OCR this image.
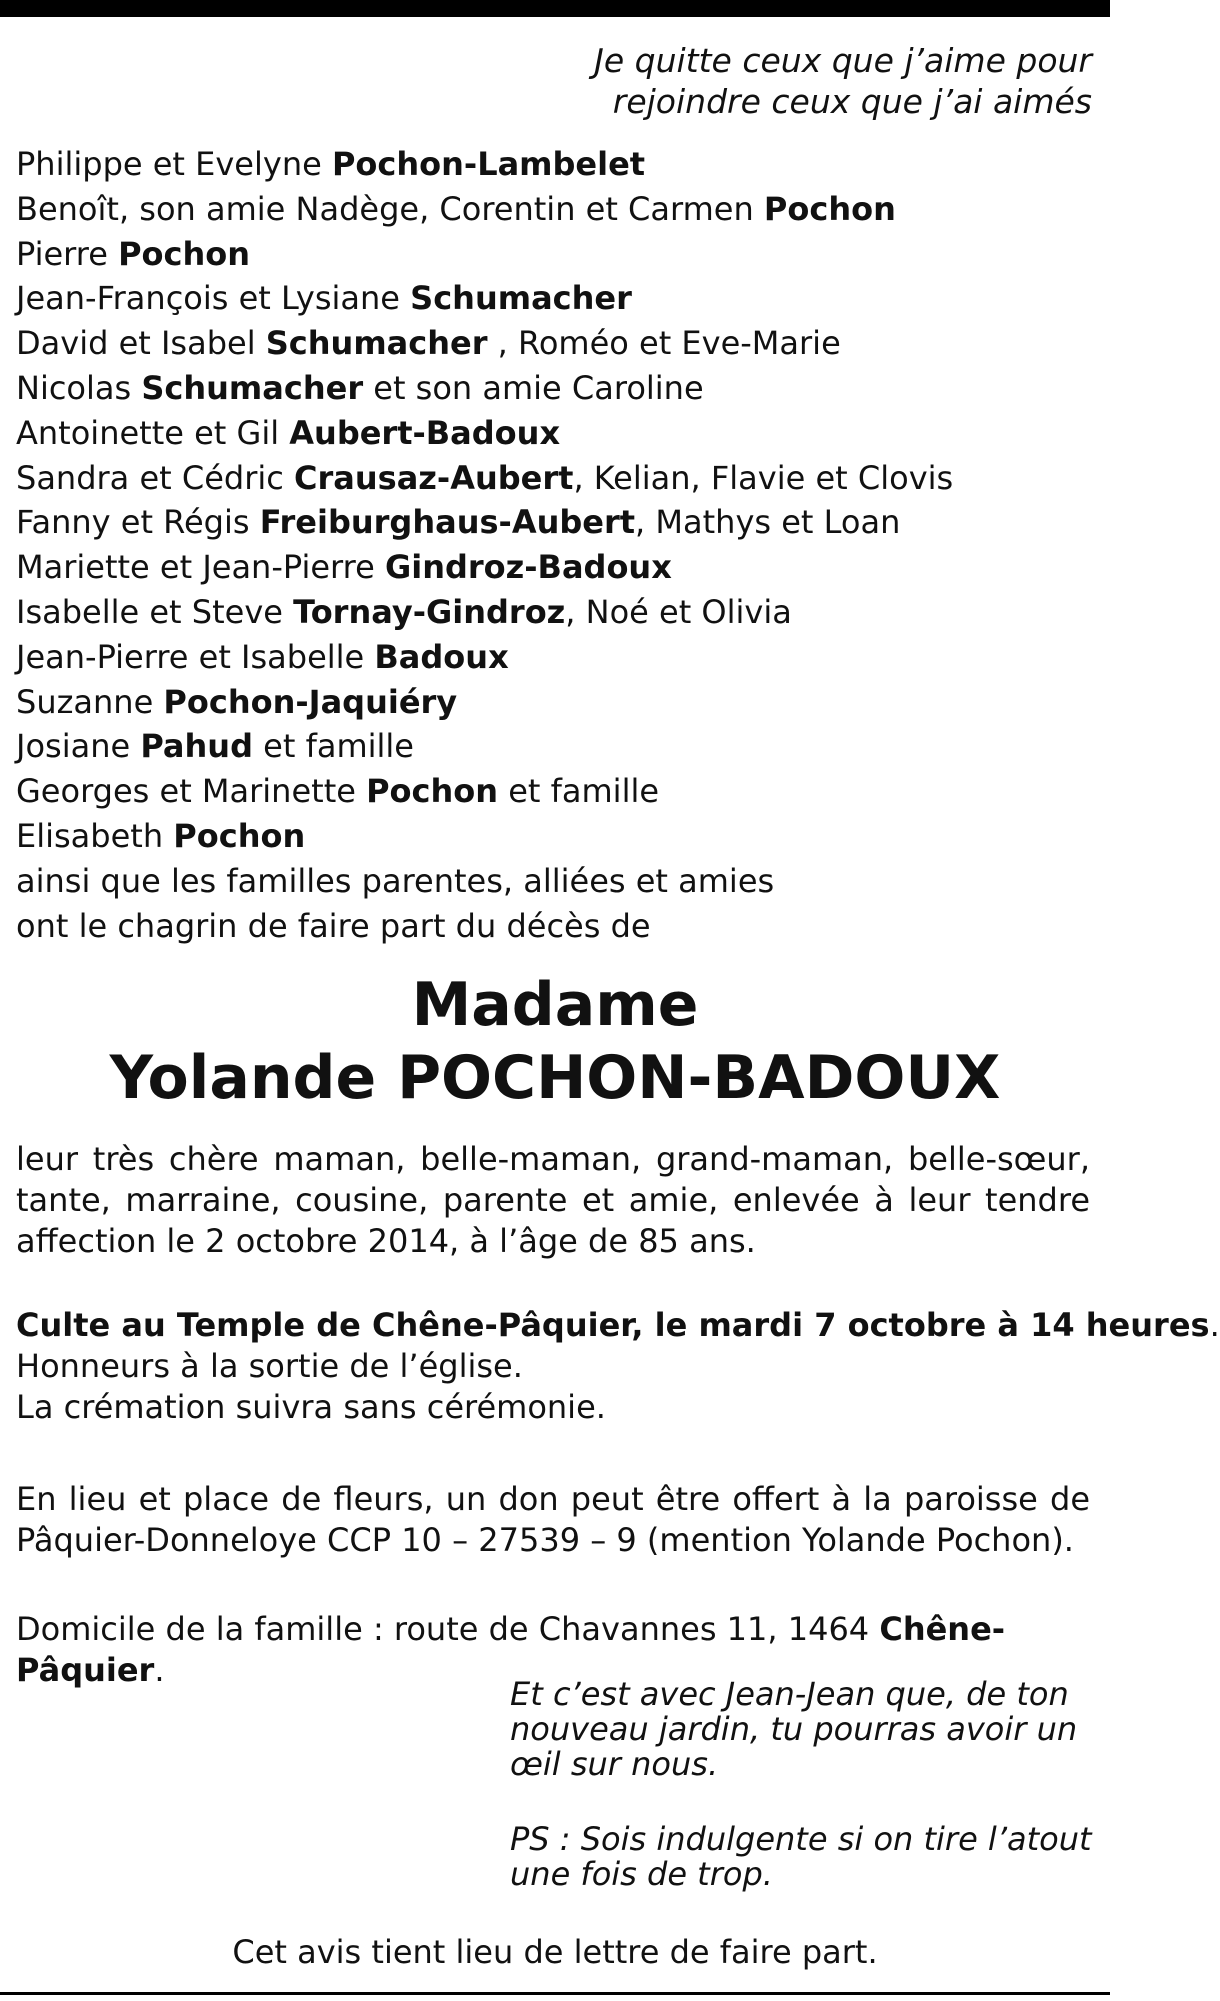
Je quitte ceux que j’aime pour
rejoindre ceux que j’ai aimés
Philippe et Evelyne Pochon-Lambelet
Benoît, son amie Nadège, Corentin et Carmen Pochon
Pierre Pochon
Jean-François et Lysiane Schumacher
David et Isabel Schumacher , Roméo et Eve-Marie
Nicolas Schumacher et son amie Caroline
Antoinette et Gil Aubert-Badoux
Sandra et Cédric Crausaz-Aubert, Kelian, Flavie et Clovis
Fanny et Régis Freiburghaus-Aubert, Mathys et Loan
Mariette et Jean-Pierre Gindroz-Badoux
Isabelle et Steve Tornay-Gindroz, Noé et Olivia
Jean-Pierre et Isabelle Badoux
Suzanne Pochon-Jaquiéry
Josiane Pahud et famille
Georges et Marinette Pochon et famille
Elisabeth Pochon
ainsi que les familles parentes, alliées et amies
ont le chagrin de faire part du décès de
Madame
Yolande POCHON-BADOUX
leur très chère maman, belle-maman, grand-maman, belle-sœur, tante, marraine, cousine, parente et amie, enlevée à leur tendre affection le 2 octobre 2014, à l’âge de 85 ans.
Culte au Temple de Chêne-Pâquier, le mardi 7 octobre à 14 heures.
Honneurs à la sortie de l’église.
La crémation suivra sans cérémonie.
En lieu et place de fleurs, un don peut être offert à la paroisse de Pâquier-Donneloye CCP 10 – 27539 – 9 (mention Yolande Pochon).
Domicile de la famille : route de Chavannes 11, 1464 Chêne-Pâquier.
Et c’est avec Jean-Jean que, de ton
nouveau jardin, tu pourras avoir un
œil sur nous.
PS : Sois indulgente si on tire l’atout
une fois de trop.
Cet avis tient lieu de lettre de faire part.
